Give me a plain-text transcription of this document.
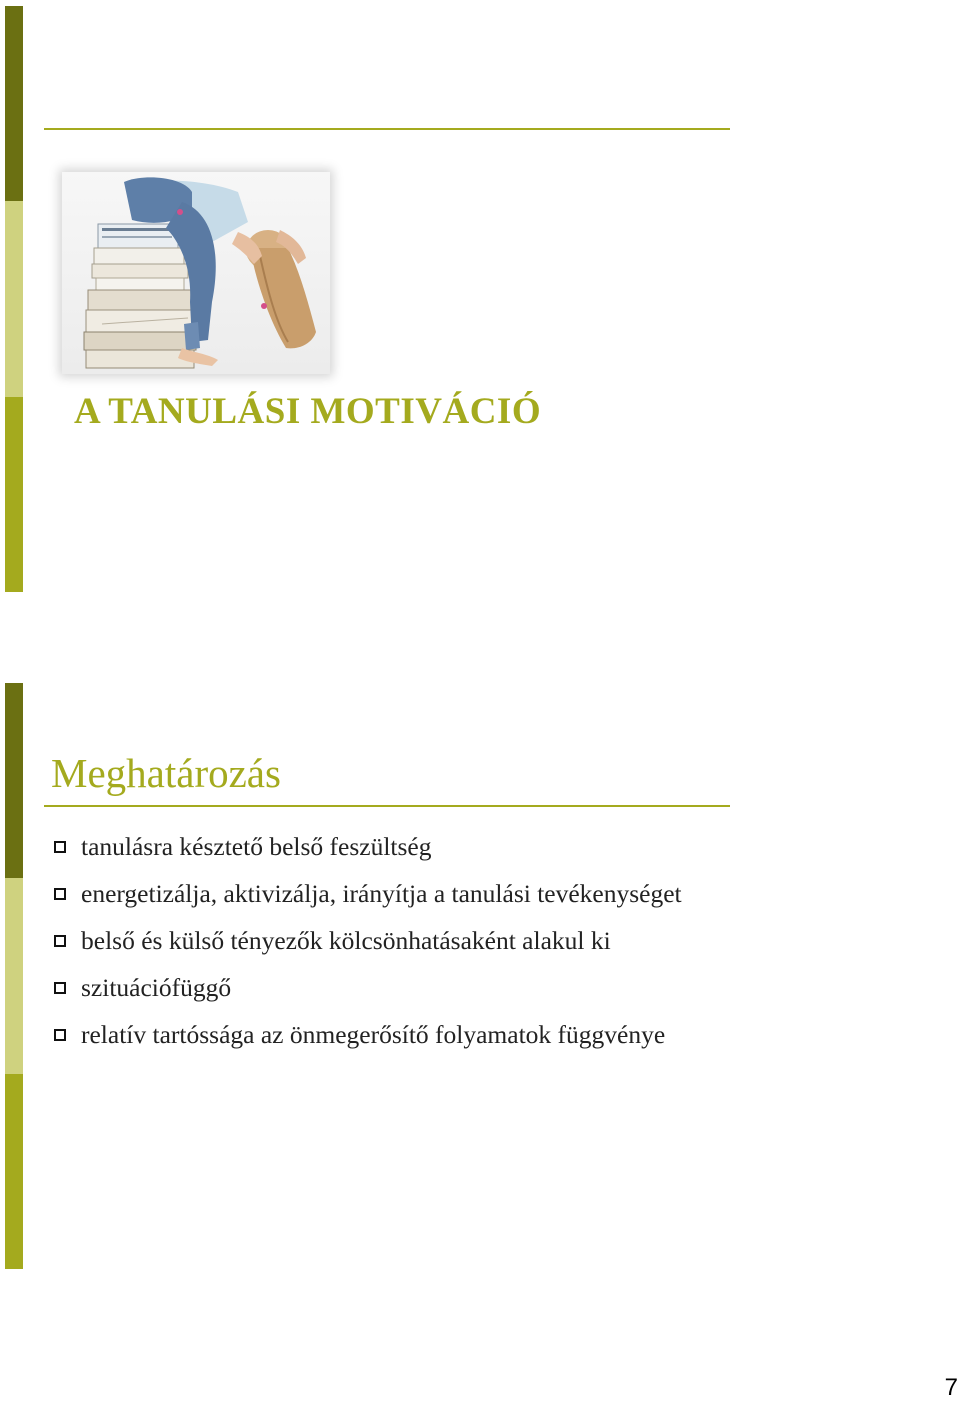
A TANULÁSI MOTIVÁCIÓ
Meghatározás
tanulásra késztető belső feszültség
energetizálja, aktivizálja, irányítja a tanulási tevékenységet
belső és külső tényezők kölcsönhatásaként alakul ki
szituációfüggő
relatív tartóssága az önmegerősítő folyamatok függvénye
7
